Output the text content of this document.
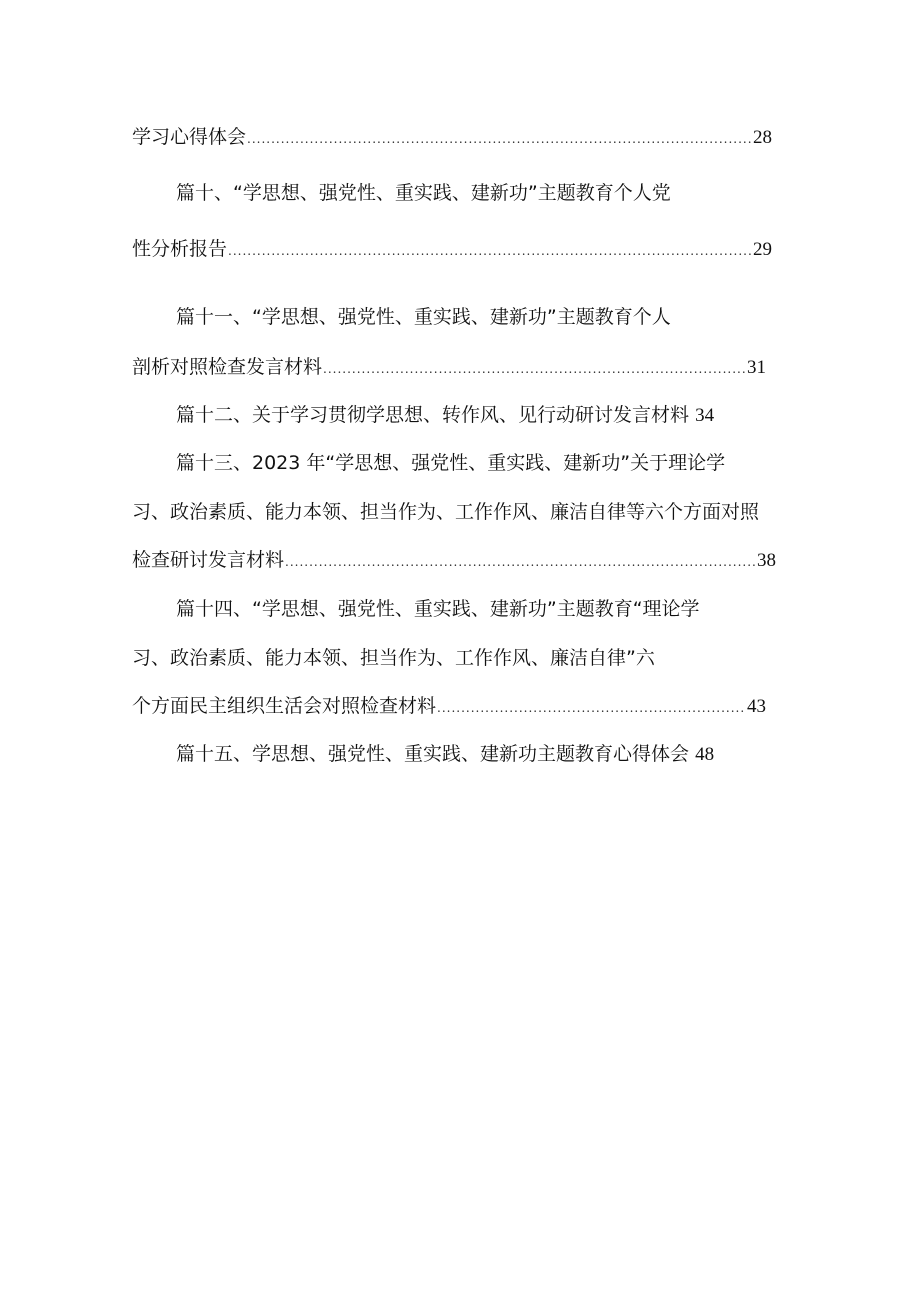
学习心得体会 .....	28
篇十、“学思想、强党性、重实践、建新功”主题教育个人党
性分析报告 .....	29
篇十一、“学思想、强党性、重实践、建新功”主题教育个人
剖析对照检查发言材料 .....	31
篇十二、关于学习贯彻学思想、转作风、见行动研讨发言材料 34
篇十三、2023 年“学思想、强党性、重实践、建新功”关于理论学
习、政治素质、能力本领、担当作为、工作作风、廉洁自律等六个方面对照
检查研讨发言材料 .....	38
篇十四、“学思想、强党性、重实践、建新功”主题教育“理论学
习、政治素质、能力本领、担当作为、工作作风、廉洁自律”六
个方面民主组织生活会对照检查材料 .....	43
篇十五、学思想、强党性、重实践、建新功主题教育心得体会 48
